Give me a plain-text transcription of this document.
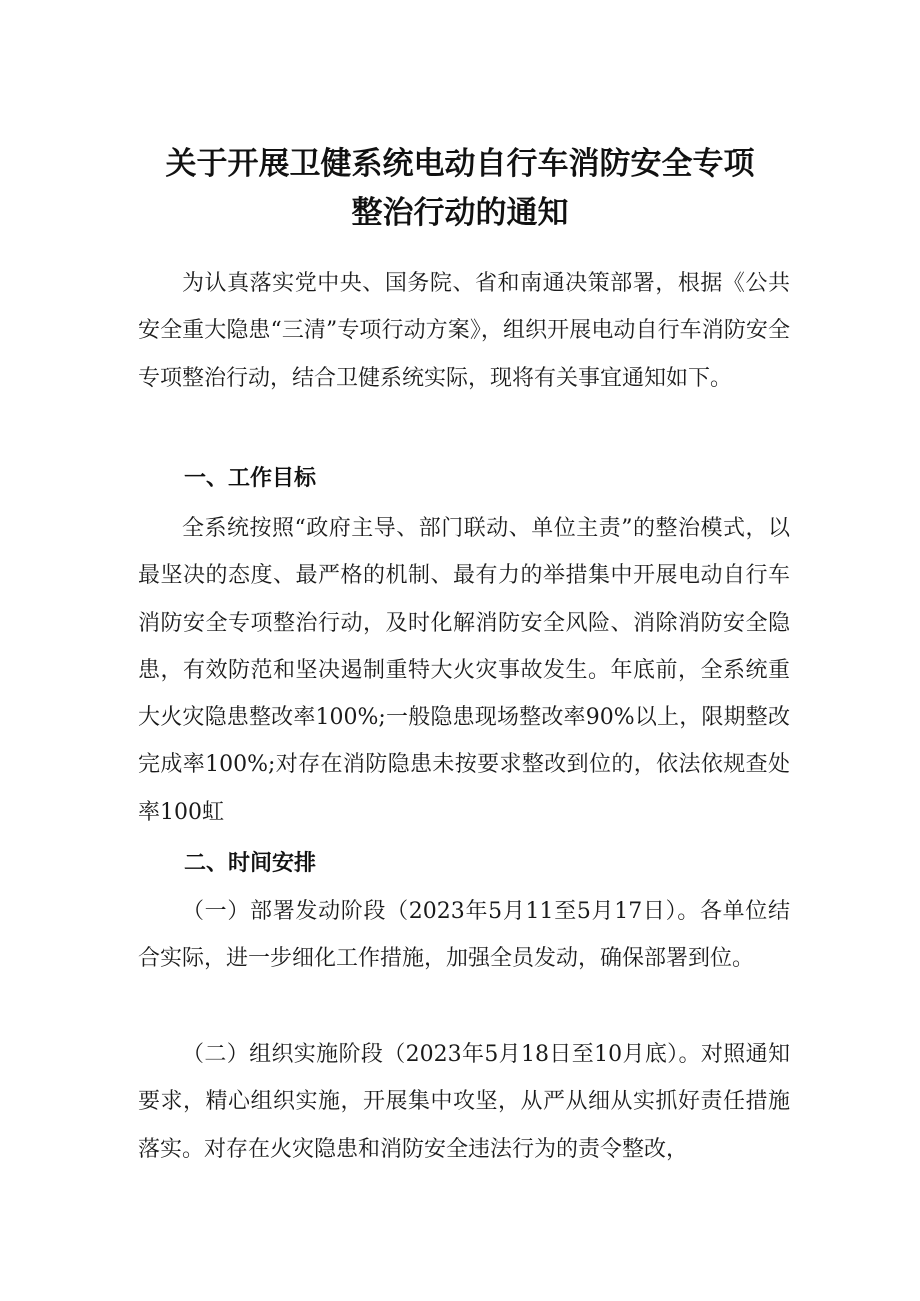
关于开展卫健系统电动自行车消防安全专项
整治行动的通知

为认真落实党中央、国务院、省和南通决策部署，根据《公共安全重大隐患“三清”专项行动方案》，组织开展电动自行车消防安全专项整治行动，结合卫健系统实际，现将有关事宜通知如下。

一、工作目标

全系统按照“政府主导、部门联动、单位主责”的整治模式，以最坚决的态度、最严格的机制、最有力的举措集中开展电动自行车消防安全专项整治行动，及时化解消防安全风险、消除消防安全隐患，有效防范和坚决遏制重特大火灾事故发生。年底前，全系统重大火灾隐患整改率100%;一般隐患现场整改率90%以上，限期整改完成率100%;对存在消防隐患未按要求整改到位的，依法依规查处率100虹

二、时间安排

（一）部署发动阶段（2023年5月11至5月17日）。各单位结合实际，进一步细化工作措施，加强全员发动，确保部署到位。

（二）组织实施阶段（2023年5月18日至10月底）。对照通知要求，精心组织实施，开展集中攻坚，从严从细从实抓好责任措施落实。对存在火灾隐患和消防安全违法行为的责令整改，
